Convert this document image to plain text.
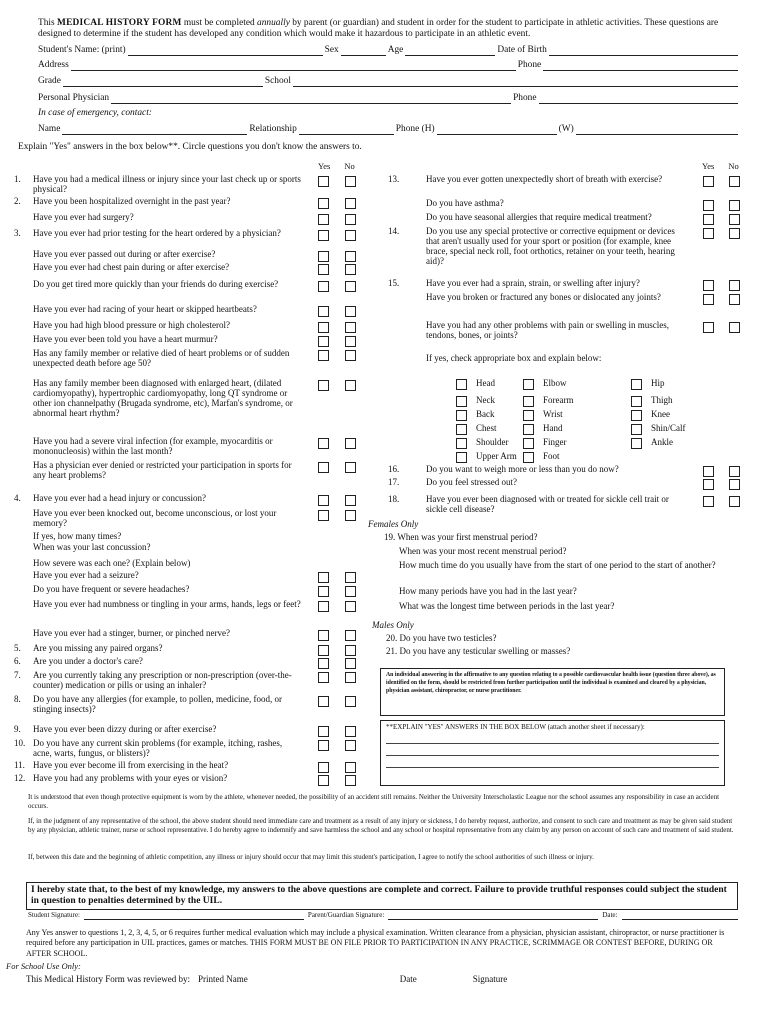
This MEDICAL HISTORY FORM must be completed annually by parent (or guardian) and student in order for the student to participate in athletic activities. These questions are designed to determine if the student has developed any condition which would make it hazardous to participate in an athletic event.
Student's Name: (print)	Sex	Age	Date of Birth
Address	Phone
Grade	School
Personal Physician	Phone
In case of emergency, contact:
Name	Relationship	Phone (H)	(W)
Explain "Yes" answers in the box below**. Circle questions you don't know the answers to.
Yes No	Yes No
1. Have you had a medical illness or injury since your last check up or sports physical?
2. Have you been hospitalized overnight in the past year?
Have you ever had surgery?
3. Have you ever had prior testing for the heart ordered by a physician?
Have you ever passed out during or after exercise?
Have you ever had chest pain during or after exercise?
Do you get tired more quickly than your friends do during exercise?
Have you ever had racing of your heart or skipped heartbeats?
Have you had high blood pressure or high cholesterol?
Have you ever been told you have a heart murmur?
Has any family member or relative died of heart problems or of sudden unexpected death before age 50?
Has any family member been diagnosed with enlarged heart, (dilated cardiomyopathy), hypertrophic cardiomyopathy, long QT syndrome or other ion channelpathy (Brugada syndrome, etc), Marfan's syndrome, or abnormal heart rhythm?
Have you had a severe viral infection (for example, myocarditis or mononucleosis) within the last month?
Has a physician ever denied or restricted your participation in sports for any heart problems?
4. Have you ever had a head injury or concussion?
Have you ever been knocked out, become unconscious, or lost your memory?
If yes, how many times?
When was your last concussion?
How severe was each one? (Explain below)
Have you ever had a seizure?
Do you have frequent or severe headaches?
Have you ever had numbness or tingling in your arms, hands, legs or feet?
Have you ever had a stinger, burner, or pinched nerve?
5. Are you missing any paired organs?
6. Are you under a doctor's care?
7. Are you currently taking any prescription or non-prescription (over-the-counter) medication or pills or using an inhaler?
8. Do you have any allergies (for example, to pollen, medicine, food, or stinging insects)?
9. Have you ever been dizzy during or after exercise?
10. Do you have any current skin problems (for example, itching, rashes, acne, warts, fungus, or blisters)?
11. Have you ever become ill from exercising in the heat?
12. Have you had any problems with your eyes or vision?
13.	Have you ever gotten unexpectedly short of breath with exercise?
Do you have asthma?
Do you have seasonal allergies that require medical treatment?
14.	Do you use any special protective or corrective equipment or devices that aren't usually used for your sport or position (for example, knee brace, special neck roll, foot orthotics, retainer on your teeth, hearing aid)?
15.	Have you ever had a sprain, strain, or swelling after injury?
Have you broken or fractured any bones or dislocated any joints?
Have you had any other problems with pain or swelling in muscles, tendons, bones, or joints?
If yes, check appropriate box and explain below:
16.	Do you want to weigh more or less than you do now?
17.	Do you feel stressed out?
18.	Have you ever been diagnosed with or treated for sickle cell trait or sickle cell disease?
Head	Elbow	Hip
Neck	Forearm	Thigh
Back	Wrist	Knee
Chest	Hand	Shin/Calf
Shoulder	Finger	Ankle
Upper Arm	Foot
Females Only
19. When was your first menstrual period?
When was your most recent menstrual period?
How much time do you usually have from the start of one period to the start of another?
How many periods have you had in the last year?
What was the longest time between periods in the last year?
Males Only
20. Do you have two testicles?
21. Do you have any testicular swelling or masses?
An individual answering in the affirmative to any question relating to a possible cardiovascular health issue (question three above), as identified on the form, should be restricted from further participation until the individual is examined and cleared by a physician, physician assistant, chiropractor, or nurse practitioner.
**EXPLAIN "YES" ANSWERS IN THE BOX BELOW (attach another sheet if necessary):
It is understood that even though protective equipment is worn by the athlete, whenever needed, the possibility of an accident still remains. Neither the University Interscholastic League nor the school assumes any responsibility in case an accident occurs.
If, in the judgment of any representative of the school, the above student should need immediate care and treatment as a result of any injury or sickness, I do hereby request, authorize, and consent to such care and treatment as may be given said student by any physician, athletic trainer, nurse or school representative. I do hereby agree to indemnify and save harmless the school and any school or hospital representative from any claim by any person on account of such care and treatment of said student.
If, between this date and the beginning of athletic competition, any illness or injury should occur that may limit this student's participation, I agree to notify the school authorities of such illness or injury.
I hereby state that, to the best of my knowledge, my answers to the above questions are complete and correct. Failure to provide truthful responses could subject the student in question to penalties determined by the UIL.
Student Signature:	Parent/Guardian Signature:	Date:
Any Yes answer to questions 1, 2, 3, 4, 5, or 6 requires further medical evaluation which may include a physical examination. Written clearance from a physician, physician assistant, chiropractor, or nurse practitioner is required before any participation in UIL practices, games or matches. THIS FORM MUST BE ON FILE PRIOR TO PARTICIPATION IN ANY PRACTICE, SCRIMMAGE OR CONTEST BEFORE, DURING OR AFTER SCHOOL.
For School Use Only:
This Medical History Form was reviewed by: Printed Name	Date	Signature
